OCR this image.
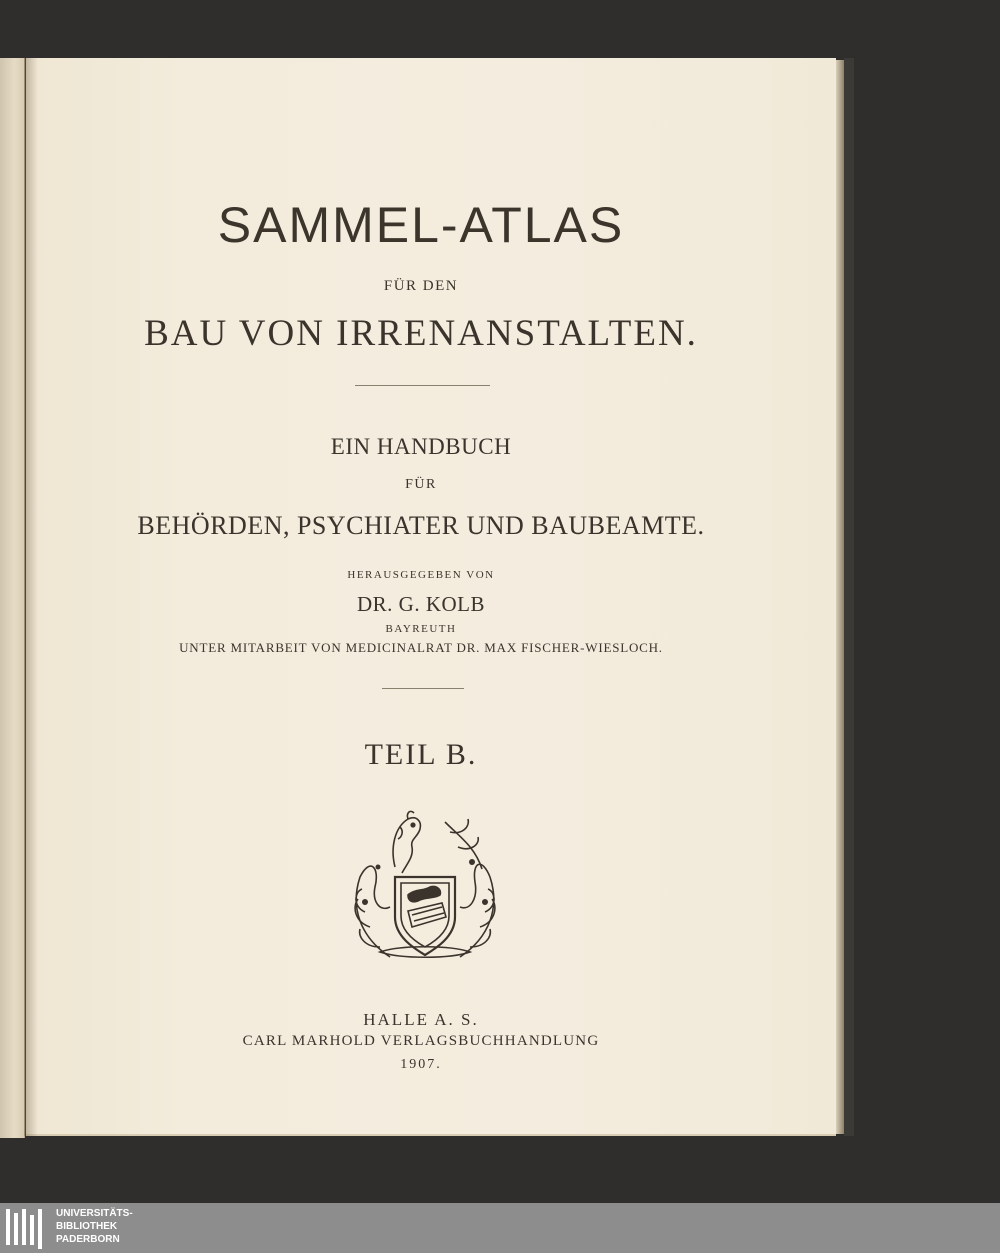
SAMMEL-ATLAS
FÜR DEN
BAU VON IRRENANSTALTEN.
EIN HANDBUCH
FÜR
BEHÖRDEN, PSYCHIATER UND BAUBEAMTE.
HERAUSGEGEBEN VON
DR. G. KOLB
BAYREUTH
UNTER MITARBEIT VON MEDICINALRAT DR. MAX FISCHER-WIESLOCH.
TEIL B.
HALLE A. S.
CARL MARHOLD VERLAGSBUCHHANDLUNG
1907.
UNIVERSITÄTS-
BIBLIOTHEK
PADERBORN
